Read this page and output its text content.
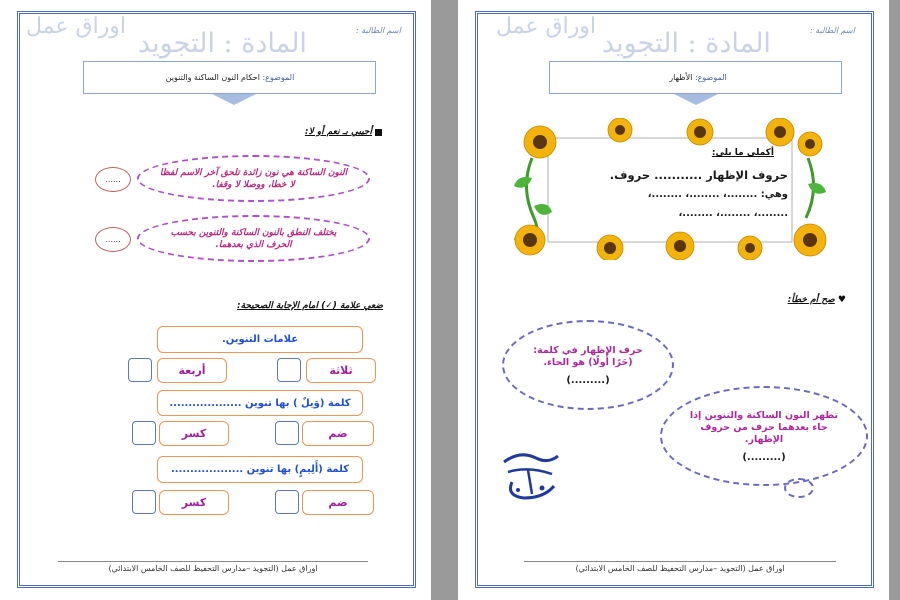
اوراق عمل
المادة : التجويد	اسم الطالبة :
الموضوع: احكام النون الساكنة والتنوين
أجيبي بـ نعم أو لا:
النون الساكنة هي نون زائدة تلحق آخر الاسم لفظا لا خطا، ووصلا لا وقفا.
......
يختلف النطق بالنون الساكنة والتنوين بحسب الحرف الذي بعدهما.
......
ضعي علامة (✓) امام الإجابة الصحيحة:
علامات التنوين.
ثلاثة
أربعة
كلمة (وَيلٌ ) بها تنوين ...................
ضم
كسر
كلمة (أَلِيمٍ) بها تنوين ...................
ضم
كسر
اوراق عمل (التجويد –مدارس التحفيظ للصف الخامس الابتدائي)
اوراق عمل
المادة : التجويد	اسم الطالبة :
الموضوع: الأظهار
أكملي ما يلي:
حروف الإظهار ........... حروف.
وهي: ........، ........، ........،
........، ........، ........،
♥ صح أم خطأ:
حرف الإظهار في كلمة: (حَرًا أُولًا) هو الحاء.
(.........)
تظهر النون الساكنة والتنوين إذا جاء بعدهما حرف من حروف الإظهار.
(.........)
اوراق عمل (التجويد –مدارس التحفيظ للصف الخامس الابتدائي)
